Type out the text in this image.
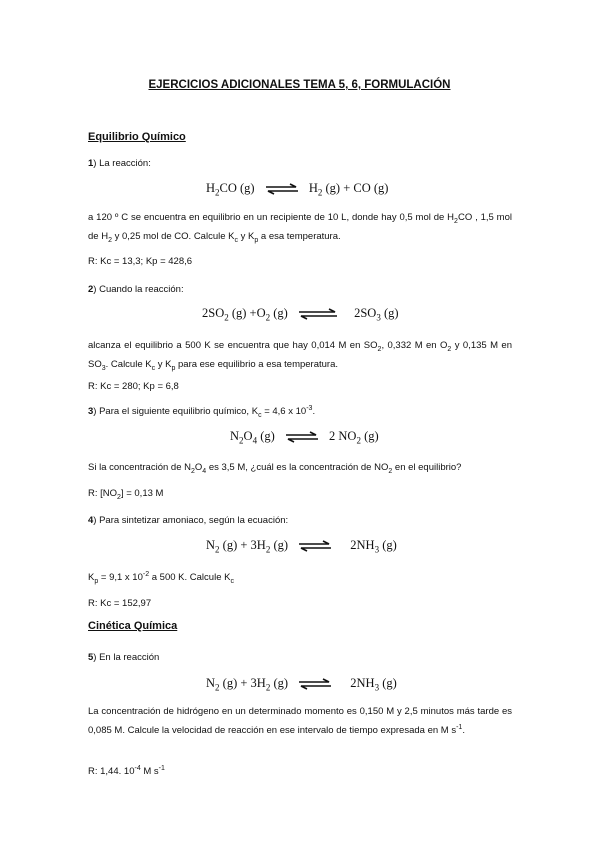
EJERCICIOS ADICIONALES TEMA 5, 6, FORMULACIÓN
Equilibrio Químico
1) La reacción:
$H_2CO$ (g) ⇌ $H_2$ (g) + CO (g)
a 120 º C se encuentra en equilibrio en un recipiente de 10 L, donde hay 0,5 mol de $H_2CO$ , 1,5 mol de $H_2$ y 0,25 mol de CO. Calcule $K_c$ y $K_p$ a esa temperatura.
R: Kc = 13,3; Kp = 428,6
2) Cuando la reacción:
$2SO_2$ $(g) +O_2$ (g) ⇌ $2SO_3$ (g)
alcanza el equilibrio a 500 K se encuentra que hay 0,014 M en $SO_2$, 0,332 M en $O_2$ y 0,135 M en $SO_3$. Calcule $K_c$ y $K_p$ para ese equilibrio a esa temperatura.
R: Kc = 280; Kp = 6,8
3) Para el siguiente equilibrio químico, $K_c = 4,6$ x $10^{-3}$.
$N_2O_4$ (g) ⇌ 2 $NO_2$ (g)
Si la concentración de $N_2O_4$ es 3,5 M, ¿cuál es la concentración de $NO_2$ en el equilibrio?
R: $[NO_2] = 0,13$ M
4) Para sintetizar amoniaco, según la ecuación:
$N_2$ $(g) + 3H_2$ (g) ⇌ $2NH_3$ (g)
$K_p = 9,1$ x $10^{-2}$ a 500 K. Calcule $K_c$
R: Kc = 152,97
Cinética Química
5) En la reacción
$N_2$ $(g) + 3H_2$ (g) ⇌ $2NH_3$ (g)
La concentración de hidrógeno en un determinado momento es 0,150 M y 2,5 minutos más tarde es 0,085 M. Calcule la velocidad de reacción en ese intervalo de tiempo expresada en M $s^{-1}$.
R: 1,44. $10^{-4}$ M $s^{-1}$
